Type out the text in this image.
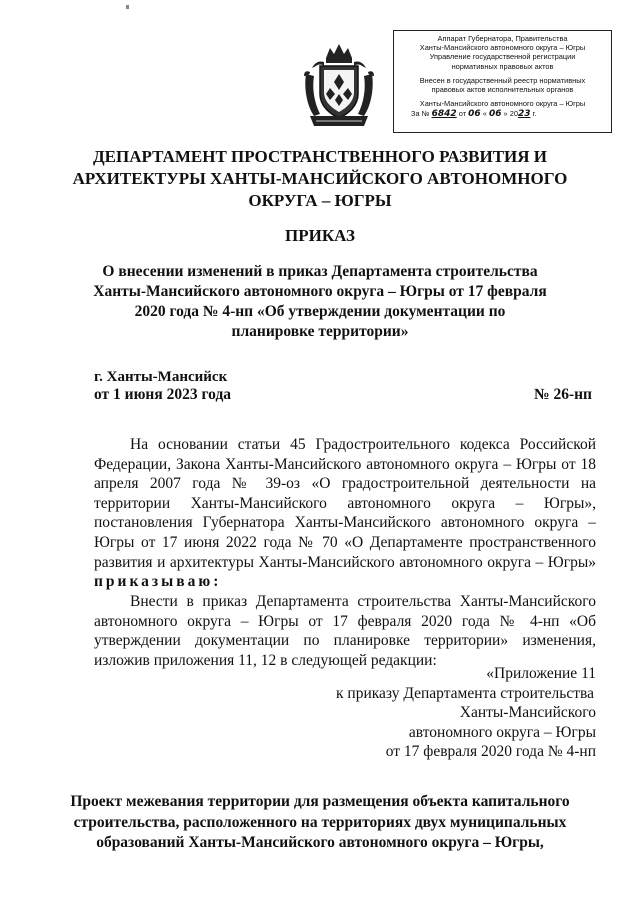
Аппарат Губернатора, Правительства
Ханты-Мансийского автономного округа – Югры
Управление государственной регистрации
нормативных правовых актов
Внесен в государственный реестр нормативных
правовых актов исполнительных органов
Ханты-Мансийского автономного округа – Югры
За № 6842 от 06 « 06 » 2023 г.
ДЕПАРТАМЕНТ ПРОСТРАНСТВЕННОГО РАЗВИТИЯ И
АРХИТЕКТУРЫ ХАНТЫ-МАНСИЙСКОГО АВТОНОМНОГО
ОКРУГА – ЮГРЫ
ПРИКАЗ
О внесении изменений в приказ Департамента строительства
Ханты-Мансийского автономного округа – Югры от 17 февраля
2020 года № 4-нп «Об утверждении документации по
планировке территории»
г. Ханты-Мансийск
от 1 июня 2023 года	№ 26-нп

На основании статьи 45 Градостроительного кодекса Российской Федерации, Закона Ханты-Мансийского автономного округа – Югры от 18 апреля 2007 года № 39-оз «О градостроительной деятельности на территории Ханты-Мансийского автономного округа – Югры», постановления Губернатора Ханты-Мансийского автономного округа – Югры от 17 июня 2022 года № 70 «О Департаменте пространственного развития и архитектуры Ханты-Мансийского автономного округа – Югры» приказываю:

Внести в приказ Департамента строительства Ханты-Мансийского автономного округа – Югры от 17 февраля 2020 года № 4-нп «Об утверждении документации по планировке территории» изменения, изложив приложения 11, 12 в следующей редакции:

«Приложение 11
к приказу Департамента строительства
Ханты-Мансийского
автономного округа – Югры
от 17 февраля 2020 года № 4-нп
Проект межевания территории для размещения объекта капитального
строительства, расположенного на территориях двух муниципальных
образований Ханты-Мансийского автономного округа – Югры,
